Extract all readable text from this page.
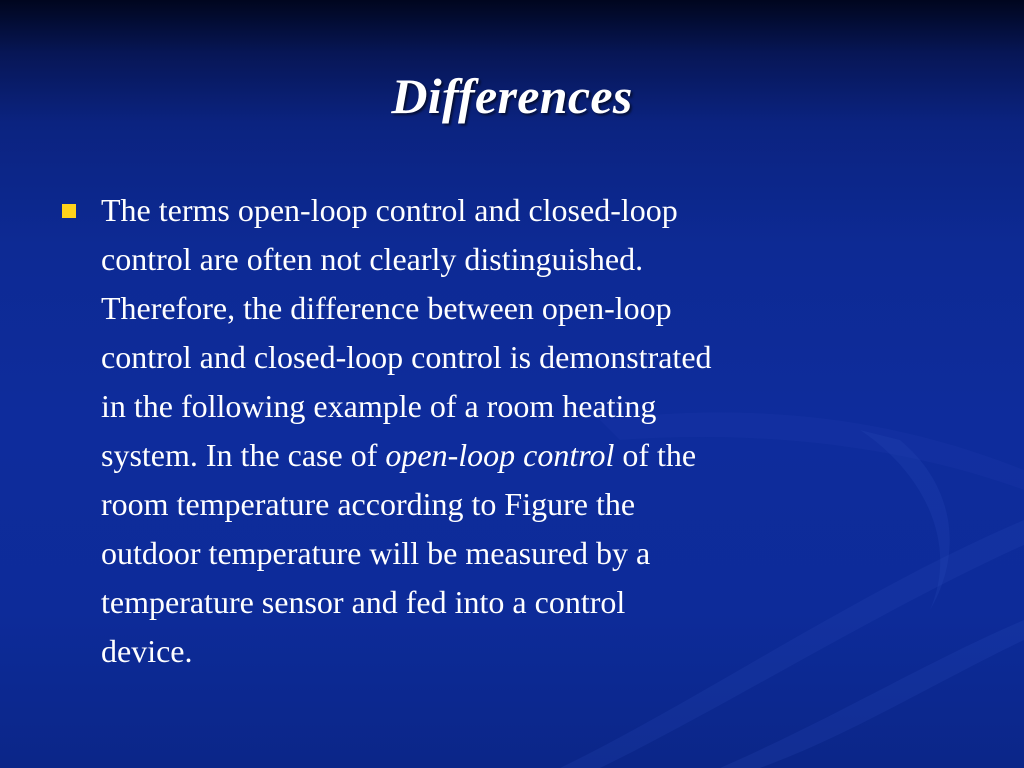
Differences
The terms open-loop control and closed-loop
control are often not clearly distinguished.
Therefore, the difference between open-loop
control and closed-loop control is demonstrated
in the following example of a room heating
system. In the case of open-loop control of the
room temperature according to Figure the
outdoor temperature will be measured by a
temperature sensor and fed into a control
device.
